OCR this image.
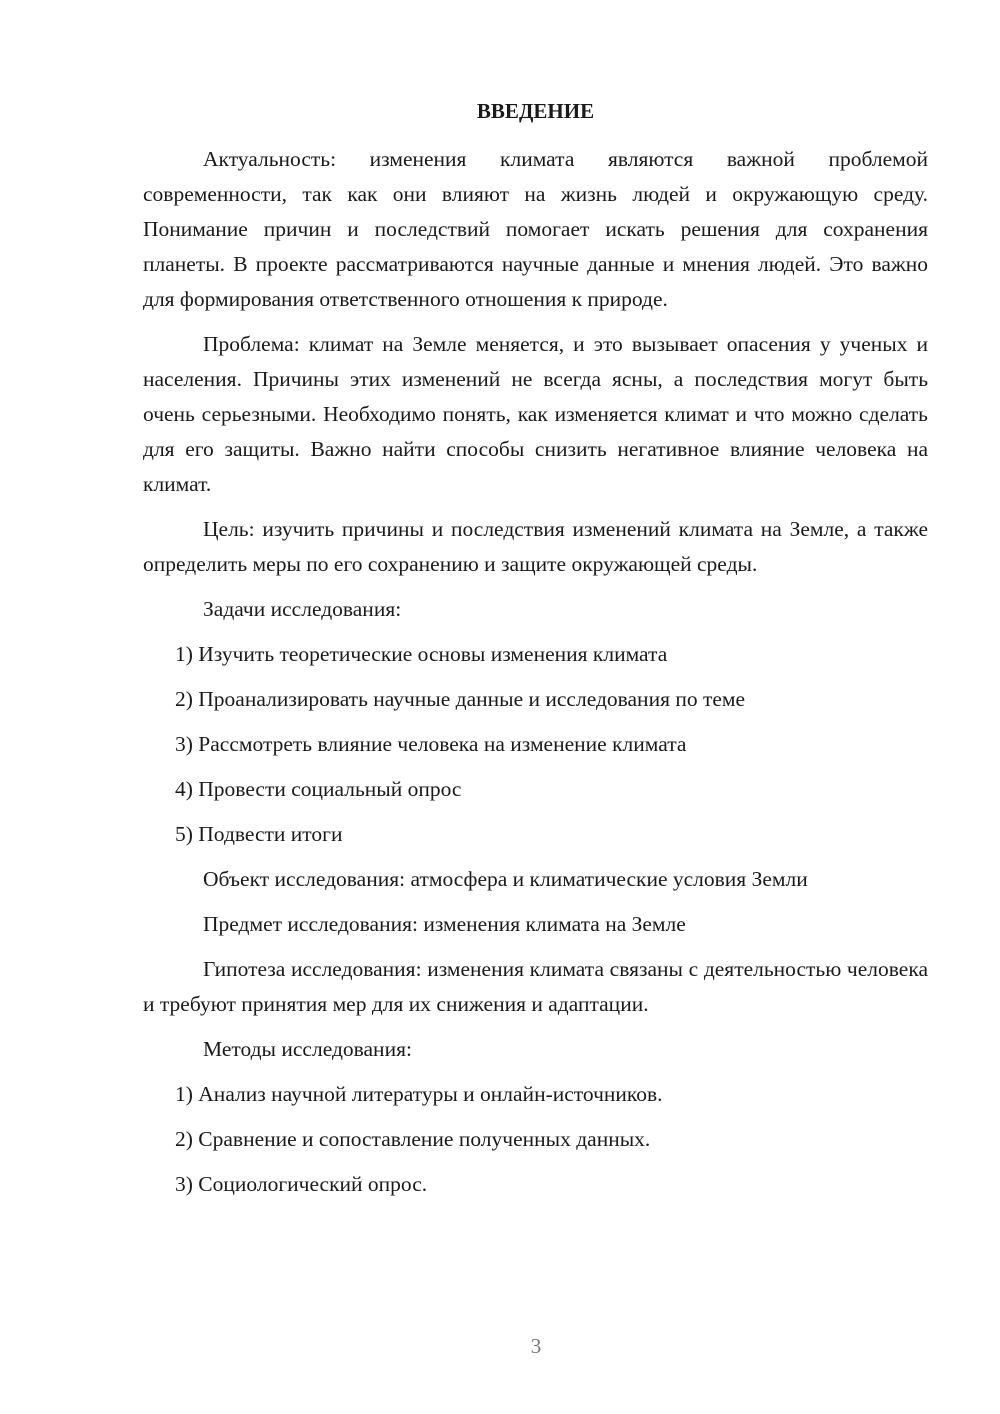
ВВЕДЕНИЕ

Актуальность: изменения климата являются важной проблемой современности, так как они влияют на жизнь людей и окружающую среду. Понимание причин и последствий помогает искать решения для сохранения планеты. В проекте рассматриваются научные данные и мнения людей. Это важно для формирования ответственного отношения к природе.

Проблема: климат на Земле меняется, и это вызывает опасения у ученых и населения. Причины этих изменений не всегда ясны, а последствия могут быть очень серьезными. Необходимо понять, как изменяется климат и что можно сделать для его защиты. Важно найти способы снизить негативное влияние человека на климат.

Цель: изучить причины и последствия изменений климата на Земле, а также определить меры по его сохранению и защите окружающей среды.

Задачи исследования:
1) Изучить теоретические основы изменения климата
2) Проанализировать научные данные и исследования по теме
3) Рассмотреть влияние человека на изменение климата
4) Провести социальный опрос
5) Подвести итоги
Объект исследования: атмосфера и климатические условия Земли
Предмет исследования: изменения климата на Земле

Гипотеза исследования: изменения климата связаны с деятельностью человека и требуют принятия мер для их снижения и адаптации.

Методы исследования:
1) Анализ научной литературы и онлайн-источников.
2) Сравнение и сопоставление полученных данных.
3) Социологический опрос.
3
